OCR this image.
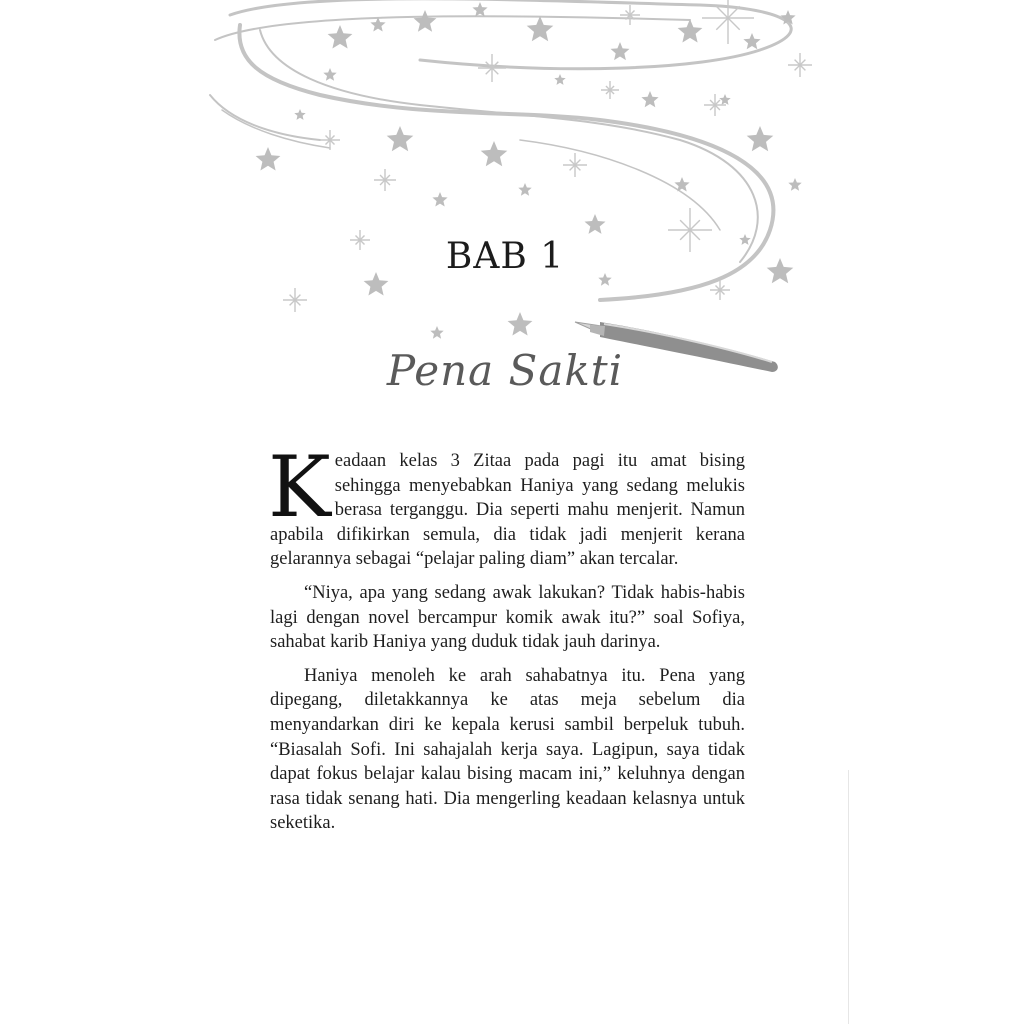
BAB 1
Pena Sakti

Keadaan kelas 3 Zitaa pada pagi itu amat bising sehingga menyebabkan Haniya yang sedang melukis berasa terganggu. Dia seperti mahu menjerit. Namun apabila difikirkan semula, dia tidak jadi menjerit kerana gelarannya sebagai “pelajar paling diam” akan tercalar.

“Niya, apa yang sedang awak lakukan? Tidak habis-habis lagi dengan novel bercampur komik awak itu?” soal Sofiya, sahabat karib Haniya yang duduk tidak jauh darinya.

Haniya menoleh ke arah sahabatnya itu. Pena yang dipegang, diletakkannya ke atas meja sebelum dia menyandarkan diri ke kepala kerusi sambil berpeluk tubuh. “Biasalah Sofi. Ini sahajalah kerja saya. Lagipun, saya tidak dapat fokus belajar kalau bising macam ini,” keluhnya dengan rasa tidak senang hati. Dia mengerling keadaan kelasnya untuk seketika.
